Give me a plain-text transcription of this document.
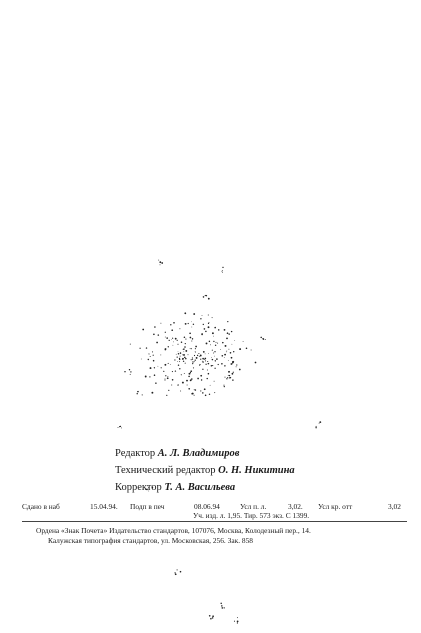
Редактор А. Л. Владимиров
Технический редактор О. Н. Никитина
Корректор Т. А. Васильева
Сдано в наб	15.04.94. Подп в печ	08.06.94	Усл п. л.	3,02. Усл кр. отт	3,02
Уч. изд. л. 1,95. Тир. 573 экз. С 1399.
Ордена «Знак Почета» Издательство стандартов, 107076, Москва, Колодезный пер., 14.
Калужская типография стандартов, ул. Московская, 256. Зак. 858
